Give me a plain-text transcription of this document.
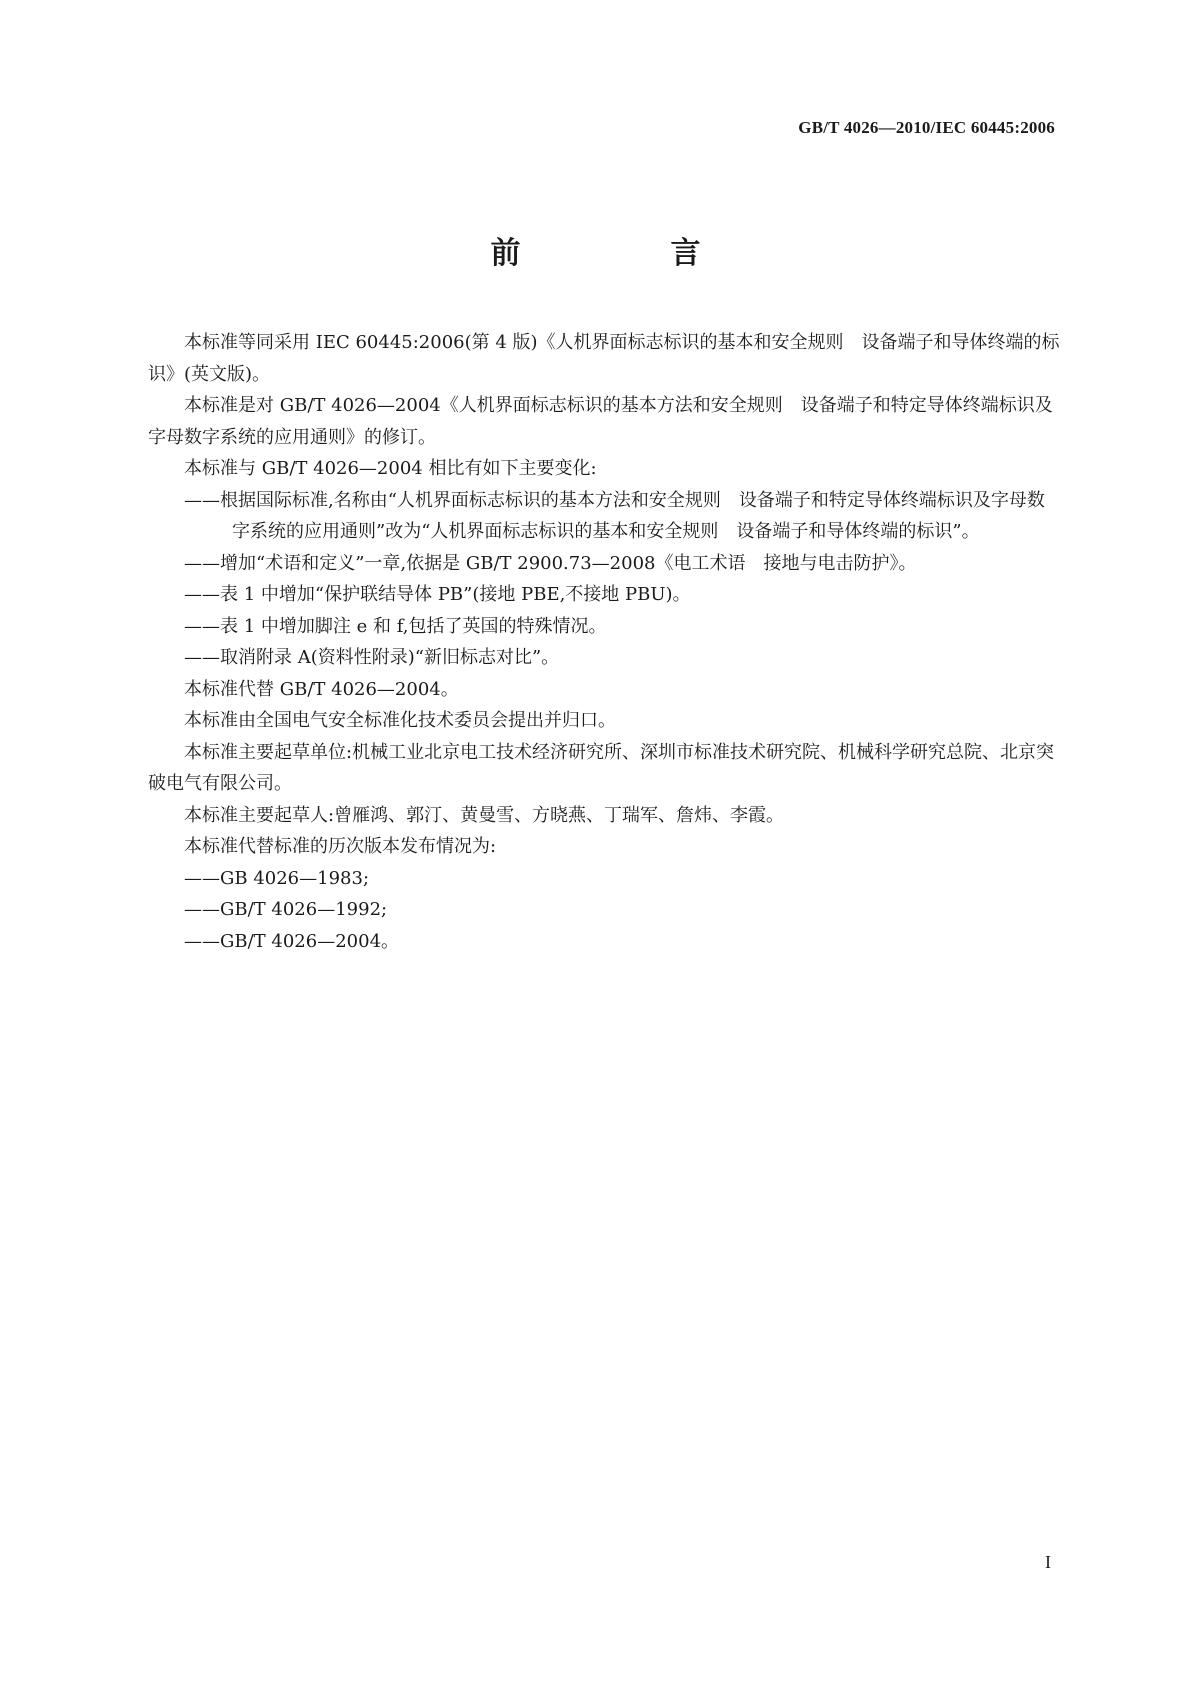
GB/T 4026—2010/IEC 60445:2006
前　言

本标准等同采用 IEC 60445:2006(第 4 版)《人机界面标志标识的基本和安全规则　设备端子和导体终端的标识》(英文版)。

本标准是对 GB/T 4026—2004《人机界面标志标识的基本方法和安全规则　设备端子和特定导体终端标识及字母数字系统的应用通则》的修订。

本标准与 GB/T 4026—2004 相比有如下主要变化:

——根据国际标准,名称由“人机界面标志标识的基本方法和安全规则　设备端子和特定导体终端标识及字母数字系统的应用通则”改为“人机界面标志标识的基本和安全规则　设备端子和导体终端的标识”。

——增加“术语和定义”一章,依据是 GB/T 2900.73—2008《电工术语　接地与电击防护》。

——表 1 中增加“保护联结导体 PB”(接地 PBE,不接地 PBU)。

——表 1 中增加脚注 e 和 f,包括了英国的特殊情况。

——取消附录 A(资料性附录)“新旧标志对比”。

本标准代替 GB/T 4026—2004。

本标准由全国电气安全标准化技术委员会提出并归口。

本标准主要起草单位:机械工业北京电工技术经济研究所、深圳市标准技术研究院、机械科学研究总院、北京突破电气有限公司。

本标准主要起草人:曾雁鸿、郭汀、黄曼雪、方晓燕、丁瑞军、詹炜、李霞。

本标准代替标准的历次版本发布情况为:

——GB 4026—1983;

——GB/T 4026—1992;

——GB/T 4026—2004。

I
